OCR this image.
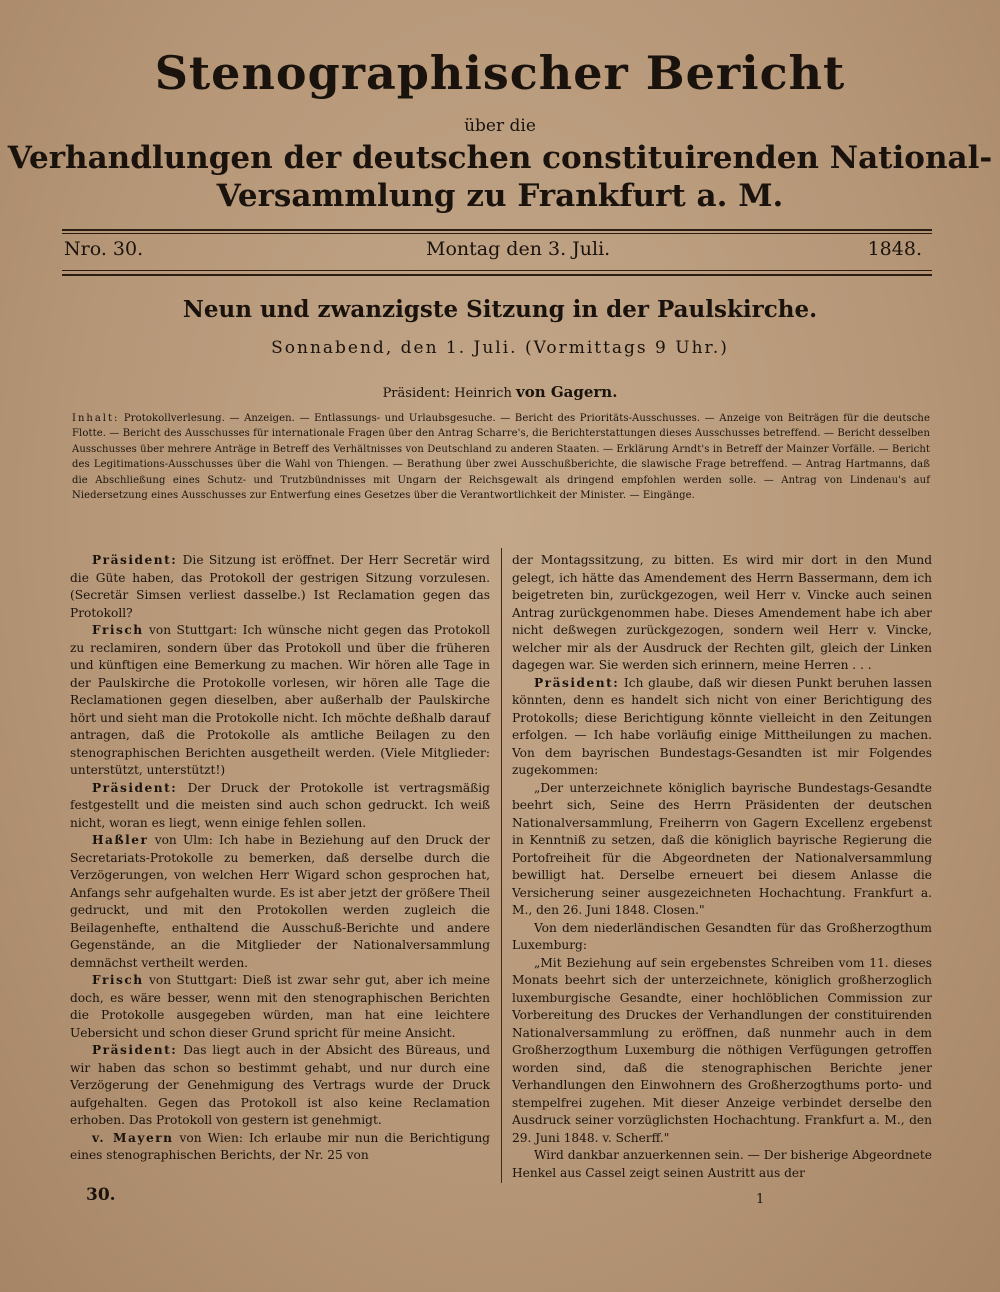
Stenographischer Bericht
über die
Verhandlungen der deutschen constituirenden National-
Versammlung zu Frankfurt a. M.
Nro. 30.	Montag den 3. Juli.	1848.
Neun und zwanzigste Sitzung in der Paulskirche.
Sonnabend, den 1. Juli. (Vormittags 9 Uhr.)
Präsident: Heinrich von Gagern.
Inhalt: Protokollverlesung. — Anzeigen. — Entlassungs- und Urlaubsgesuche. — Bericht des Prioritäts-Ausschusses. — Anzeige von Beiträgen für die deutsche Flotte. — Bericht des Ausschusses für internationale Fragen über den Antrag Scharre's, die Berichterstattungen dieses Ausschusses betreffend. — Bericht desselben Ausschusses über mehrere Anträge in Betreff des Verhältnisses von Deutschland zu anderen Staaten. — Erklärung Arndt's in Betreff der Mainzer Vorfälle. — Bericht des Legitimations-Ausschusses über die Wahl von Thiengen. — Berathung über zwei Ausschußberichte, die slawische Frage betreffend. — Antrag Hartmanns, daß die Abschließung eines Schutz- und Trutzbündnisses mit Ungarn der Reichsgewalt als dringend empfohlen werden solle. — Antrag von Lindenau's auf Niedersetzung eines Ausschusses zur Entwerfung eines Gesetzes über die Verantwortlichkeit der Minister. — Eingänge.

Präsident: Die Sitzung ist eröffnet. Der Herr Secretär wird die Güte haben, das Protokoll der gestrigen Sitzung vorzulesen. (Secretär Simsen verliest dasselbe.) Ist Reclamation gegen das Protokoll?

Frisch von Stuttgart: Ich wünsche nicht gegen das Protokoll zu reclamiren, sondern über das Protokoll und über die früheren und künftigen eine Bemerkung zu machen. Wir hören alle Tage in der Paulskirche die Protokolle vorlesen, wir hören alle Tage die Reclamationen gegen dieselben, aber außerhalb der Paulskirche hört und sieht man die Protokolle nicht. Ich möchte deßhalb darauf antragen, daß die Protokolle als amtliche Beilagen zu den stenographischen Berichten ausgetheilt werden. (Viele Mitglieder: unterstützt, unterstützt!)

Präsident: Der Druck der Protokolle ist vertragsmäßig festgestellt und die meisten sind auch schon gedruckt. Ich weiß nicht, woran es liegt, wenn einige fehlen sollen.

Haßler von Ulm: Ich habe in Beziehung auf den Druck der Secretariats-Protokolle zu bemerken, daß derselbe durch die Verzögerungen, von welchen Herr Wigard schon gesprochen hat, Anfangs sehr aufgehalten wurde. Es ist aber jetzt der größere Theil gedruckt, und mit den Protokollen werden zugleich die Beilagenhefte, enthaltend die Ausschuß-Berichte und andere Gegenstände, an die Mitglieder der Nationalversammlung demnächst vertheilt werden.

Frisch von Stuttgart: Dieß ist zwar sehr gut, aber ich meine doch, es wäre besser, wenn mit den stenographischen Berichten die Protokolle ausgegeben würden, man hat eine leichtere Uebersicht und schon dieser Grund spricht für meine Ansicht.

Präsident: Das liegt auch in der Absicht des Büreaus, und wir haben das schon so bestimmt gehabt, und nur durch eine Verzögerung der Genehmigung des Vertrags wurde der Druck aufgehalten. Gegen das Protokoll ist also keine Reclamation erhoben. Das Protokoll von gestern ist genehmigt.

v. Mayern von Wien: Ich erlaube mir nun die Berichtigung eines stenographischen Berichts, der Nr. 25 von

der Montagssitzung, zu bitten. Es wird mir dort in den Mund gelegt, ich hätte das Amendement des Herrn Bassermann, dem ich beigetreten bin, zurückgezogen, weil Herr v. Vincke auch seinen Antrag zurückgenommen habe. Dieses Amendement habe ich aber nicht deßwegen zurückgezogen, sondern weil Herr v. Vincke, welcher mir als der Ausdruck der Rechten gilt, gleich der Linken dagegen war. Sie werden sich erinnern, meine Herren . . .

Präsident: Ich glaube, daß wir diesen Punkt beruhen lassen könnten, denn es handelt sich nicht von einer Berichtigung des Protokolls; diese Berichtigung könnte vielleicht in den Zeitungen erfolgen. — Ich habe vorläufig einige Mittheilungen zu machen. Von dem bayrischen Bundestags-Gesandten ist mir Folgendes zugekommen:

„Der unterzeichnete königlich bayrische Bundestags-Gesandte beehrt sich, Seine des Herrn Präsidenten der deutschen Nationalversammlung, Freiherrn von Gagern Excellenz ergebenst in Kenntniß zu setzen, daß die königlich bayrische Regierung die Portofreiheit für die Abgeordneten der Nationalversammlung bewilligt hat. Derselbe erneuert bei diesem Anlasse die Versicherung seiner ausgezeichneten Hochachtung. Frankfurt a. M., den 26. Juni 1848. Closen."

Von dem niederländischen Gesandten für das Großherzogthum Luxemburg:

„Mit Beziehung auf sein ergebenstes Schreiben vom 11. dieses Monats beehrt sich der unterzeichnete, königlich großherzoglich luxemburgische Gesandte, einer hochlöblichen Commission zur Vorbereitung des Druckes der Verhandlungen der constituirenden Nationalversammlung zu eröffnen, daß nunmehr auch in dem Großherzogthum Luxemburg die nöthigen Verfügungen getroffen worden sind, daß die stenographischen Berichte jener Verhandlungen den Einwohnern des Großherzogthums porto- und stempelfrei zugehen. Mit dieser Anzeige verbindet derselbe den Ausdruck seiner vorzüglichsten Hochachtung. Frankfurt a. M., den 29. Juni 1848. v. Scherff."

Wird dankbar anzuerkennen sein. — Der bisherige Abgeordnete Henkel aus Cassel zeigt seinen Austritt aus der

30.	1
